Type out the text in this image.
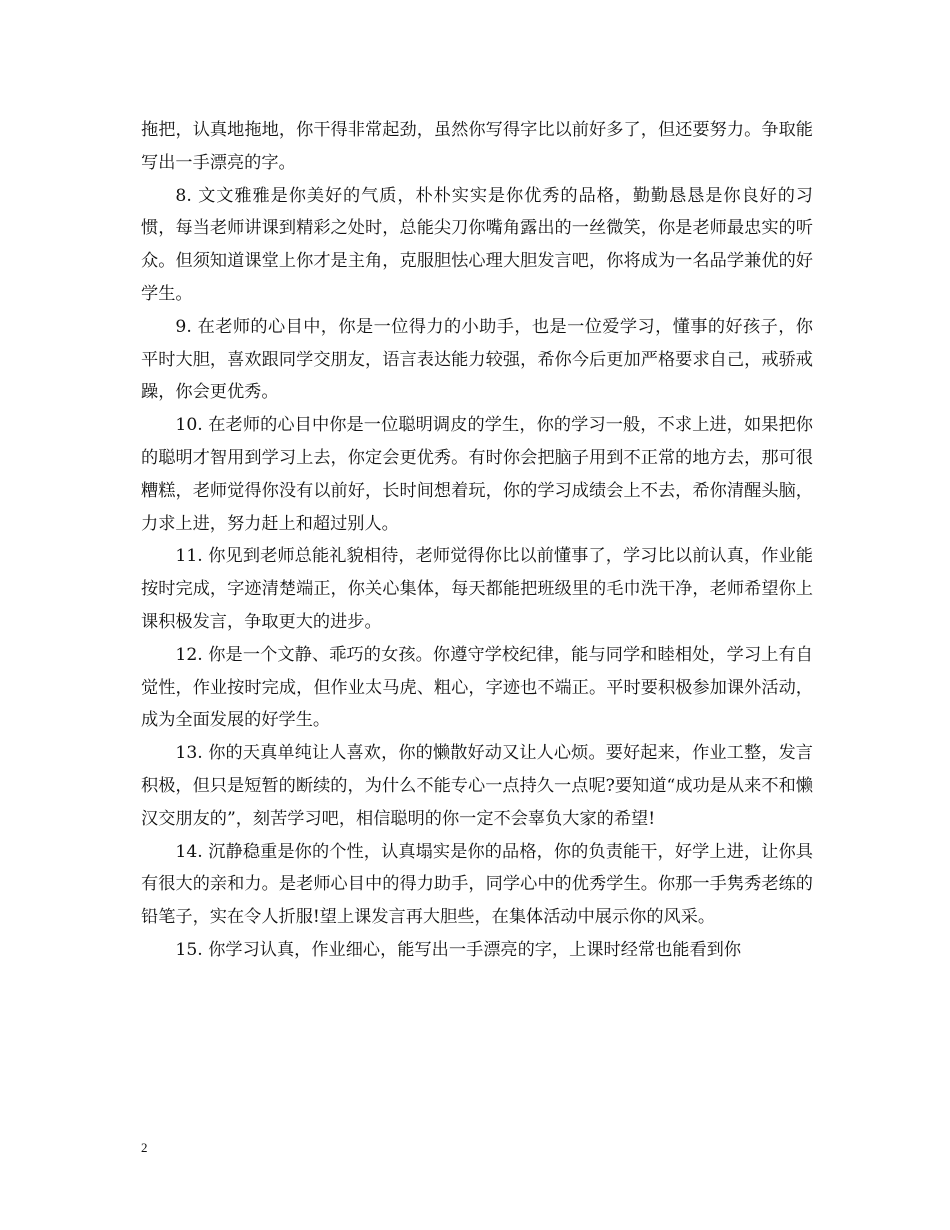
拖把，认真地拖地，你干得非常起劲，虽然你写得字比以前好多了，但还要努力。争取能写出一手漂亮的字。

8. 文文雅雅是你美好的气质，朴朴实实是你优秀的品格，勤勤恳恳是你良好的习惯，每当老师讲课到精彩之处时，总能尖刀你嘴角露出的一丝微笑，你是老师最忠实的听众。但须知道课堂上你才是主角，克服胆怯心理大胆发言吧，你将成为一名品学兼优的好学生。

9. 在老师的心目中，你是一位得力的小助手，也是一位爱学习，懂事的好孩子，你平时大胆，喜欢跟同学交朋友，语言表达能力较强，希你今后更加严格要求自己，戒骄戒躁，你会更优秀。

10. 在老师的心目中你是一位聪明调皮的学生，你的学习一般，不求上进，如果把你的聪明才智用到学习上去，你定会更优秀。有时你会把脑子用到不正常的地方去，那可很糟糕，老师觉得你没有以前好，长时间想着玩，你的学习成绩会上不去，希你清醒头脑，力求上进，努力赶上和超过别人。

11. 你见到老师总能礼貌相待，老师觉得你比以前懂事了，学习比以前认真，作业能按时完成，字迹清楚端正，你关心集体，每天都能把班级里的毛巾洗干净，老师希望你上课积极发言，争取更大的进步。

12. 你是一个文静、乖巧的女孩。你遵守学校纪律，能与同学和睦相处，学习上有自觉性，作业按时完成，但作业太马虎、粗心，字迹也不端正。平时要积极参加课外活动，成为全面发展的好学生。

13. 你的天真单纯让人喜欢，你的懒散好动又让人心烦。要好起来，作业工整，发言积极，但只是短暂的断续的，为什么不能专心一点持久一点呢?要知道“成功是从来不和懒汉交朋友的”，刻苦学习吧，相信聪明的你一定不会辜负大家的希望!

14. 沉静稳重是你的个性，认真塌实是你的品格，你的负责能干，好学上进，让你具有很大的亲和力。是老师心目中的得力助手，同学心中的优秀学生。你那一手隽秀老练的铅笔子，实在令人折服!望上课发言再大胆些，在集体活动中展示你的风采。

15. 你学习认真，作业细心，能写出一手漂亮的字，上课时经常也能看到你

2
